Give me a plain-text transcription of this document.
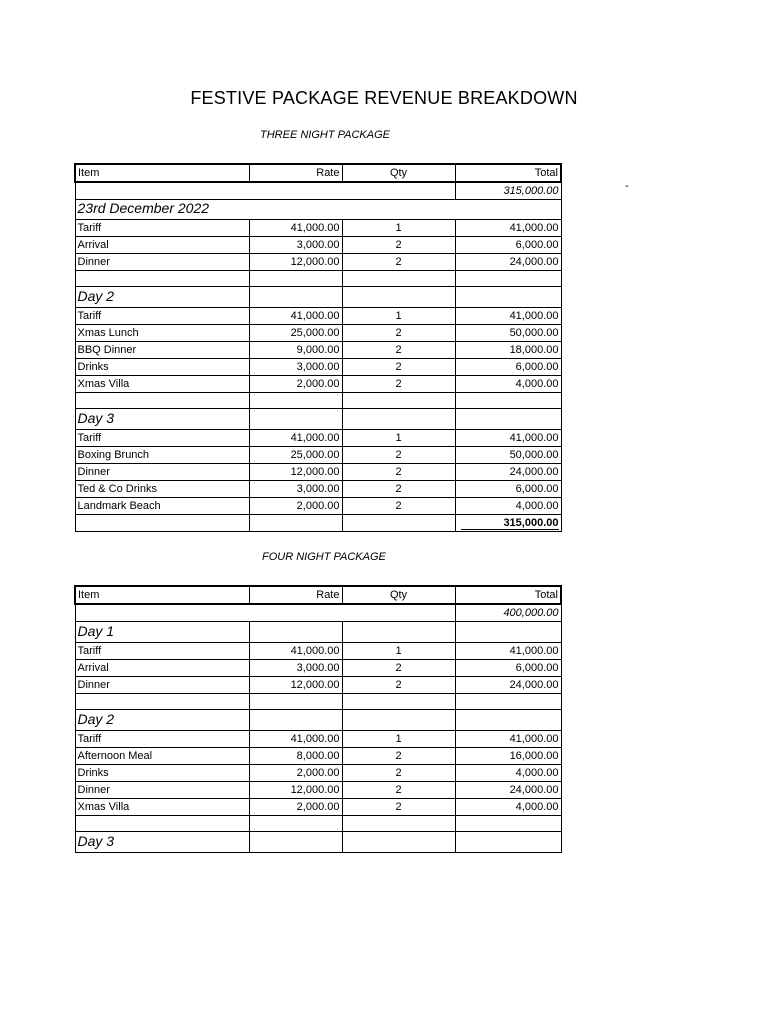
FESTIVE PACKAGE REVENUE BREAKDOWN
THREE NIGHT PACKAGE
-
Item	Rate	Qty	Total
			315,000.00
23rd December 2022			
Tariff	41,000.00	1	41,000.00
Arrival	3,000.00	2	6,000.00
Dinner	12,000.00	2	24,000.00

Day 2			
Tariff	41,000.00	1	41,000.00
Xmas Lunch	25,000.00	2	50,000.00
BBQ Dinner	9,000.00	2	18,000.00
Drinks	3,000.00	2	6,000.00
Xmas Villa	2,000.00	2	4,000.00

Day 3			
Tariff	41,000.00	1	41,000.00
Boxing Brunch	25,000.00	2	50,000.00
Dinner	12,000.00	2	24,000.00
Ted & Co Drinks	3,000.00	2	6,000.00
Landmark Beach	2,000.00	2	4,000.00
			315,000.00
FOUR NIGHT PACKAGE
Item	Rate	Qty	Total
			400,000.00
Day 1			
Tariff	41,000.00	1	41,000.00
Arrival	3,000.00	2	6,000.00
Dinner	12,000.00	2	24,000.00

Day 2			
Tariff	41,000.00	1	41,000.00
Afternoon Meal	8,000.00	2	16,000.00
Drinks	2,000.00	2	4,000.00
Dinner	12,000.00	2	24,000.00
Xmas Villa	2,000.00	2	4,000.00

Day 3			
